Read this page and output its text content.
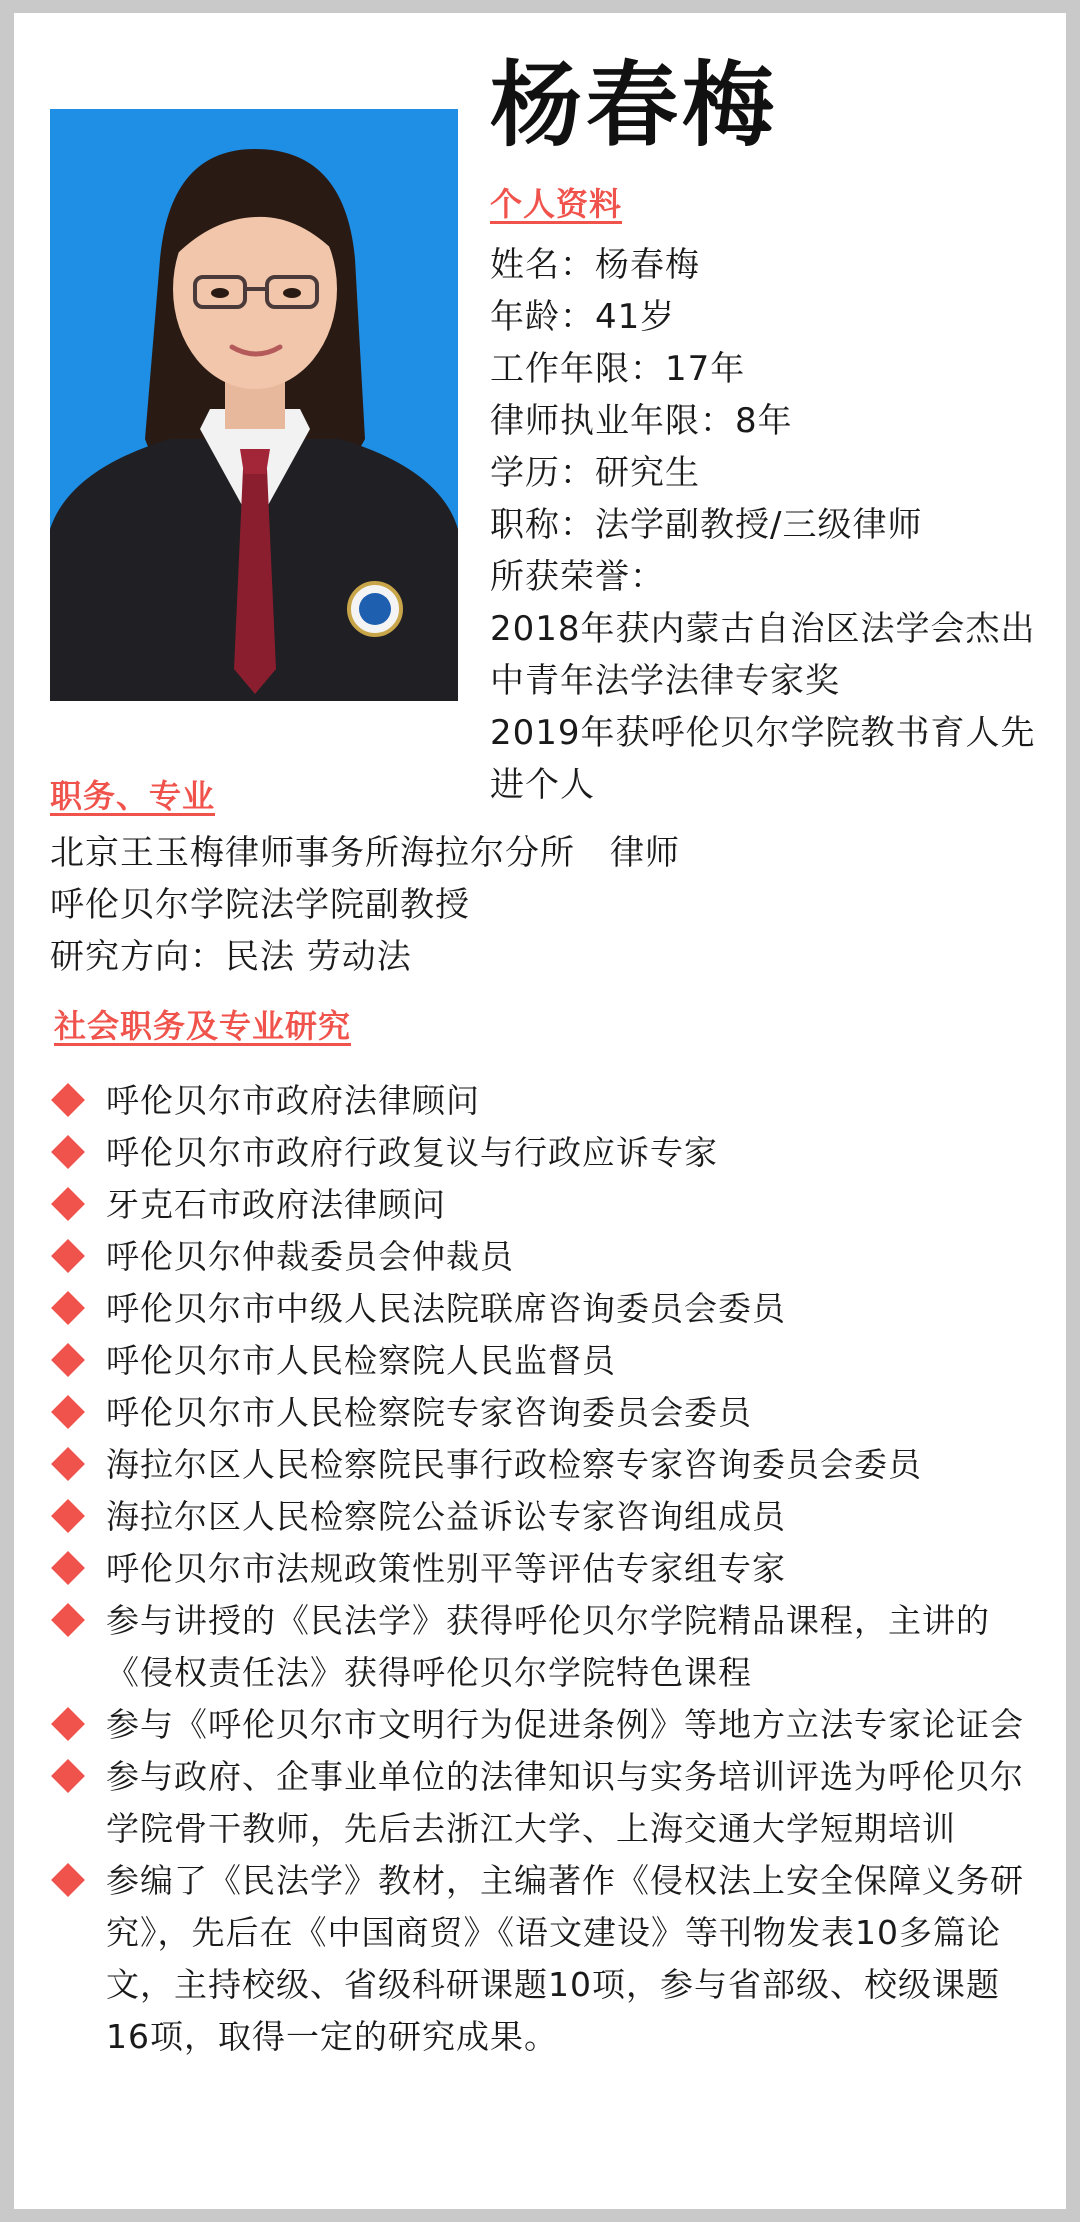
杨春梅
个人资料
姓名：杨春梅
年龄：41岁
工作年限：17年
律师执业年限：8年
学历：研究生
职称：法学副教授/三级律师
所获荣誉：
2018年获内蒙古自治区法学会杰出中青年法学法律专家奖
2019年获呼伦贝尔学院教书育人先进个人
职务、专业
北京王玉梅律师事务所海拉尔分所　律师
呼伦贝尔学院法学院副教授
研究方向：民法 劳动法
社会职务及专业研究
呼伦贝尔市政府法律顾问
呼伦贝尔市政府行政复议与行政应诉专家
牙克石市政府法律顾问
呼伦贝尔仲裁委员会仲裁员
呼伦贝尔市中级人民法院联席咨询委员会委员
呼伦贝尔市人民检察院人民监督员
呼伦贝尔市人民检察院专家咨询委员会委员
海拉尔区人民检察院民事行政检察专家咨询委员会委员
海拉尔区人民检察院公益诉讼专家咨询组成员
呼伦贝尔市法规政策性别平等评估专家组专家
参与讲授的《民法学》获得呼伦贝尔学院精品课程，主讲的《侵权责任法》获得呼伦贝尔学院特色课程
参与《呼伦贝尔市文明行为促进条例》等地方立法专家论证会
参与政府、企事业单位的法律知识与实务培训评选为呼伦贝尔学院骨干教师，先后去浙江大学、上海交通大学短期培训
参编了《民法学》教材，主编著作《侵权法上安全保障义务研究》，先后在《中国商贸》《语文建设》等刊物发表10多篇论文，主持校级、省级科研课题10项，参与省部级、校级课题16项，取得一定的研究成果。
